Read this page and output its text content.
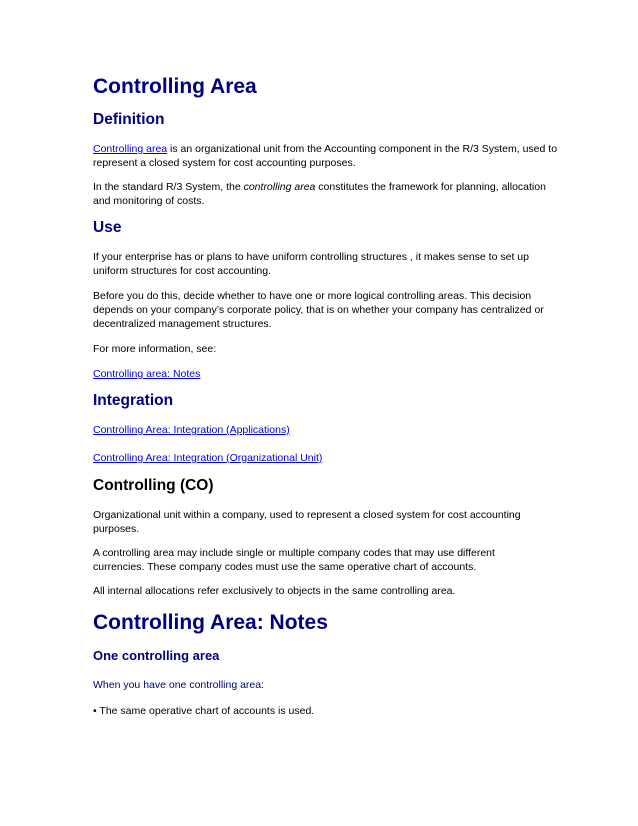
Controlling Area
Definition

Controlling area is an organizational unit from the Accounting component in the R/3 System, used to represent a closed system for cost accounting purposes.

In the standard R/3 System, the controlling area constitutes the framework for planning, allocation and monitoring of costs.

Use

If your enterprise has or plans to have uniform controlling structures , it makes sense to set up uniform structures for cost accounting.

Before you do this, decide whether to have one or more logical controlling areas. This decision depends on your company’s corporate policy, that is on whether your company has centralized or decentralized management structures.

For more information, see:

Controlling area: Notes

Integration

Controlling Area: Integration (Applications)

Controlling Area: Integration (Organizational Unit)

Controlling (CO)

Organizational unit within a company, used to represent a closed system for cost accounting purposes.

A controlling area may include single or multiple company codes that may use different currencies. These company codes must use the same operative chart of accounts.

All internal allocations refer exclusively to objects in the same controlling area.

Controlling Area: Notes
One controlling area

When you have one controlling area:

• The same operative chart of accounts is used.
